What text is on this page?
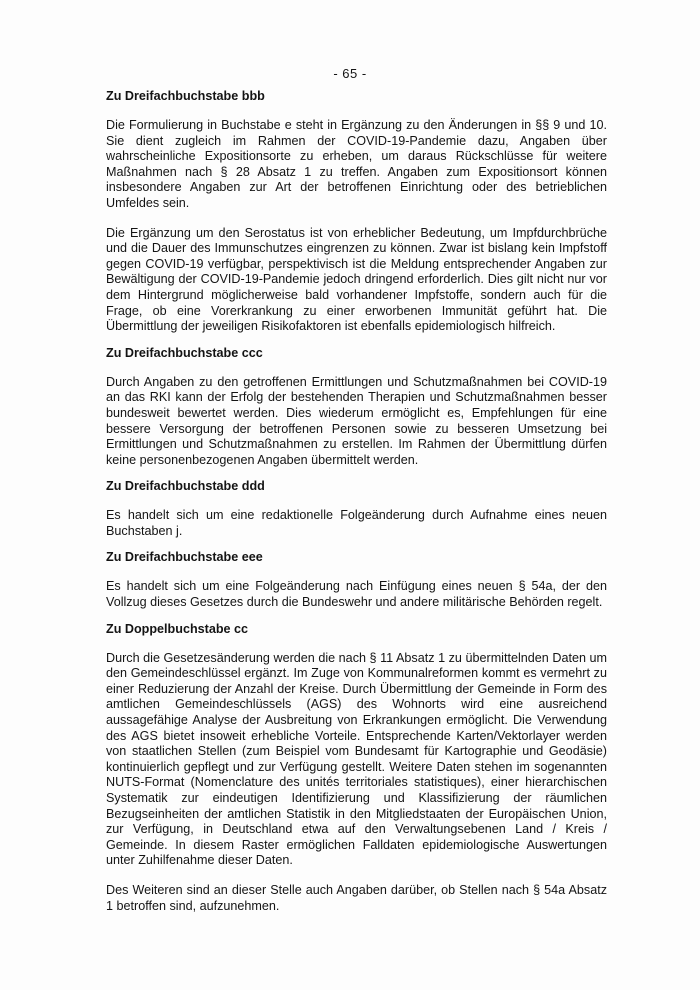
- 65 -
Zu Dreifachbuchstabe bbb

Die Formulierung in Buchstabe e steht in Ergänzung zu den Änderungen in §§ 9 und 10. Sie dient zugleich im Rahmen der COVID-19-Pandemie dazu, Angaben über wahrscheinliche Expositionsorte zu erheben, um daraus Rückschlüsse für weitere Maßnahmen nach § 28 Absatz 1 zu treffen. Angaben zum Expositionsort können insbesondere Angaben zur Art der betroffenen Einrichtung oder des betrieblichen Umfeldes sein.

Die Ergänzung um den Serostatus ist von erheblicher Bedeutung, um Impfdurchbrüche und die Dauer des Immunschutzes eingrenzen zu können. Zwar ist bislang kein Impfstoff gegen COVID-19 verfügbar, perspektivisch ist die Meldung entsprechender Angaben zur Bewältigung der COVID-19-Pandemie jedoch dringend erforderlich. Dies gilt nicht nur vor dem Hintergrund möglicherweise bald vorhandener Impfstoffe, sondern auch für die Frage, ob eine Vorerkrankung zu einer erworbenen Immunität geführt hat. Die Übermittlung der jeweiligen Risikofaktoren ist ebenfalls epidemiologisch hilfreich.

Zu Dreifachbuchstabe ccc

Durch Angaben zu den getroffenen Ermittlungen und Schutzmaßnahmen bei COVID-19 an das RKI kann der Erfolg der bestehenden Therapien und Schutzmaßnahmen besser bundesweit bewertet werden. Dies wiederum ermöglicht es, Empfehlungen für eine bessere Versorgung der betroffenen Personen sowie zu besseren Umsetzung bei Ermittlungen und Schutzmaßnahmen zu erstellen. Im Rahmen der Übermittlung dürfen keine personenbezogenen Angaben übermittelt werden.

Zu Dreifachbuchstabe ddd

Es handelt sich um eine redaktionelle Folgeänderung durch Aufnahme eines neuen Buchstaben j.

Zu Dreifachbuchstabe eee

Es handelt sich um eine Folgeänderung nach Einfügung eines neuen § 54a, der den Vollzug dieses Gesetzes durch die Bundeswehr und andere militärische Behörden regelt.

Zu Doppelbuchstabe cc

Durch die Gesetzesänderung werden die nach § 11 Absatz 1 zu übermittelnden Daten um den Gemeindeschlüssel ergänzt. Im Zuge von Kommunalreformen kommt es vermehrt zu einer Reduzierung der Anzahl der Kreise. Durch Übermittlung der Gemeinde in Form des amtlichen Gemeindeschlüssels (AGS) des Wohnorts wird eine ausreichend aussagefähige Analyse der Ausbreitung von Erkrankungen ermöglicht. Die Verwendung des AGS bietet insoweit erhebliche Vorteile. Entsprechende Karten/Vektorlayer werden von staatlichen Stellen (zum Beispiel vom Bundesamt für Kartographie und Geodäsie) kontinuierlich gepflegt und zur Verfügung gestellt. Weitere Daten stehen im sogenannten NUTS-Format (Nomenclature des unités territoriales statistiques), einer hierarchischen Systematik zur eindeutigen Identifizierung und Klassifizierung der räumlichen Bezugseinheiten der amtlichen Statistik in den Mitgliedstaaten der Europäischen Union, zur Verfügung, in Deutschland etwa auf den Verwaltungsebenen Land / Kreis / Gemeinde. In diesem Raster ermöglichen Falldaten epidemiologische Auswertungen unter Zuhilfenahme dieser Daten.

Des Weiteren sind an dieser Stelle auch Angaben darüber, ob Stellen nach § 54a Absatz 1 betroffen sind, aufzunehmen.
